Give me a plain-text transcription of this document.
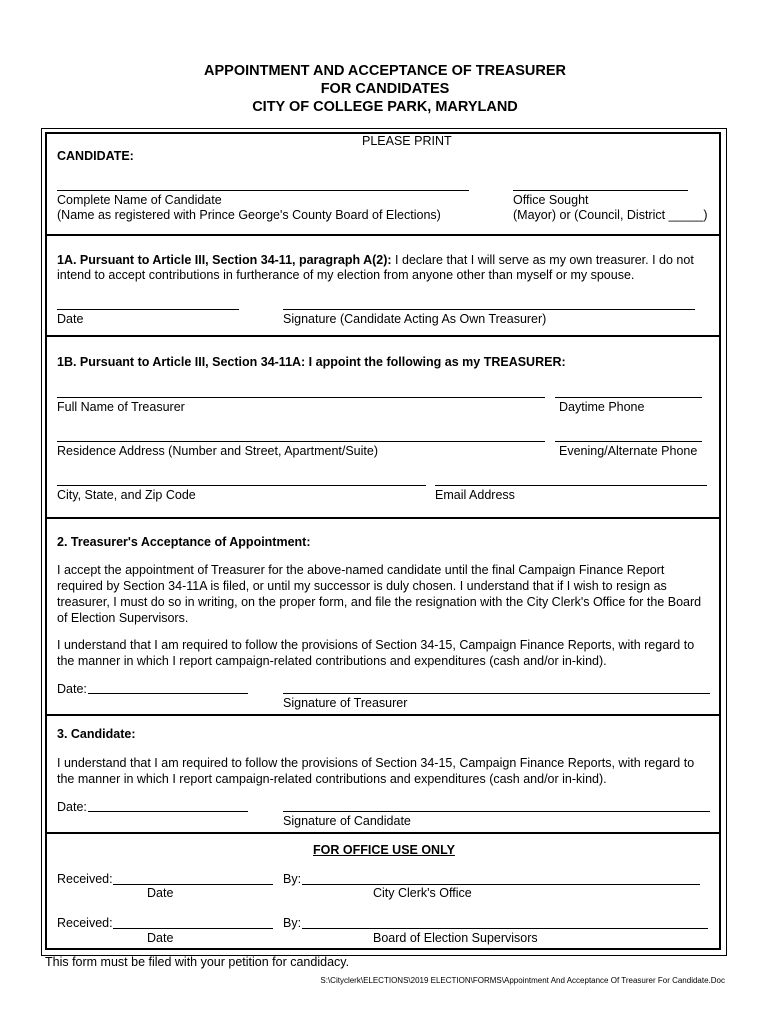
APPOINTMENT AND ACCEPTANCE OF TREASURER
FOR CANDIDATES
CITY OF COLLEGE PARK, MARYLAND
PLEASE PRINT
CANDIDATE:
Complete Name of Candidate
(Name as registered with Prince George's County Board of Elections)
Office Sought
(Mayor) or (Council, District _____)
1A. Pursuant to Article III, Section 34-11, paragraph A(2): I declare that I will serve as my own treasurer. I do not
intend to accept contributions in furtherance of my election from anyone other than myself or my spouse.
Date	Signature (Candidate Acting As Own Treasurer)
1B. Pursuant to Article III, Section 34-11A: I appoint the following as my TREASURER:
Full Name of Treasurer	Daytime Phone
Residence Address (Number and Street, Apartment/Suite)	Evening/Alternate Phone
City, State, and Zip Code	Email Address
2. Treasurer's Acceptance of Appointment:
I accept the appointment of Treasurer for the above-named candidate until the final Campaign Finance Report required by Section 34-11A is filed, or until my successor is duly chosen. I understand that if I wish to resign as treasurer, I must do so in writing, on the proper form, and file the resignation with the City Clerk's Office for the Board of Election Supervisors.
I understand that I am required to follow the provisions of Section 34-15, Campaign Finance Reports, with regard to the manner in which I report campaign-related contributions and expenditures (cash and/or in-kind).
Date:
Signature of Treasurer
3. Candidate:
I understand that I am required to follow the provisions of Section 34-15, Campaign Finance Reports, with regard to the manner in which I report campaign-related contributions and expenditures (cash and/or in-kind).
Date:
Signature of Candidate
FOR OFFICE USE ONLY
Received:	By:
Date	City Clerk's Office
Received:	By:
Date	Board of Election Supervisors
This form must be filed with your petition for candidacy.
S:\Cityclerk\ELECTIONS\2019 ELECTION\FORMS\Appointment And Acceptance Of Treasurer For Candidate.Doc
